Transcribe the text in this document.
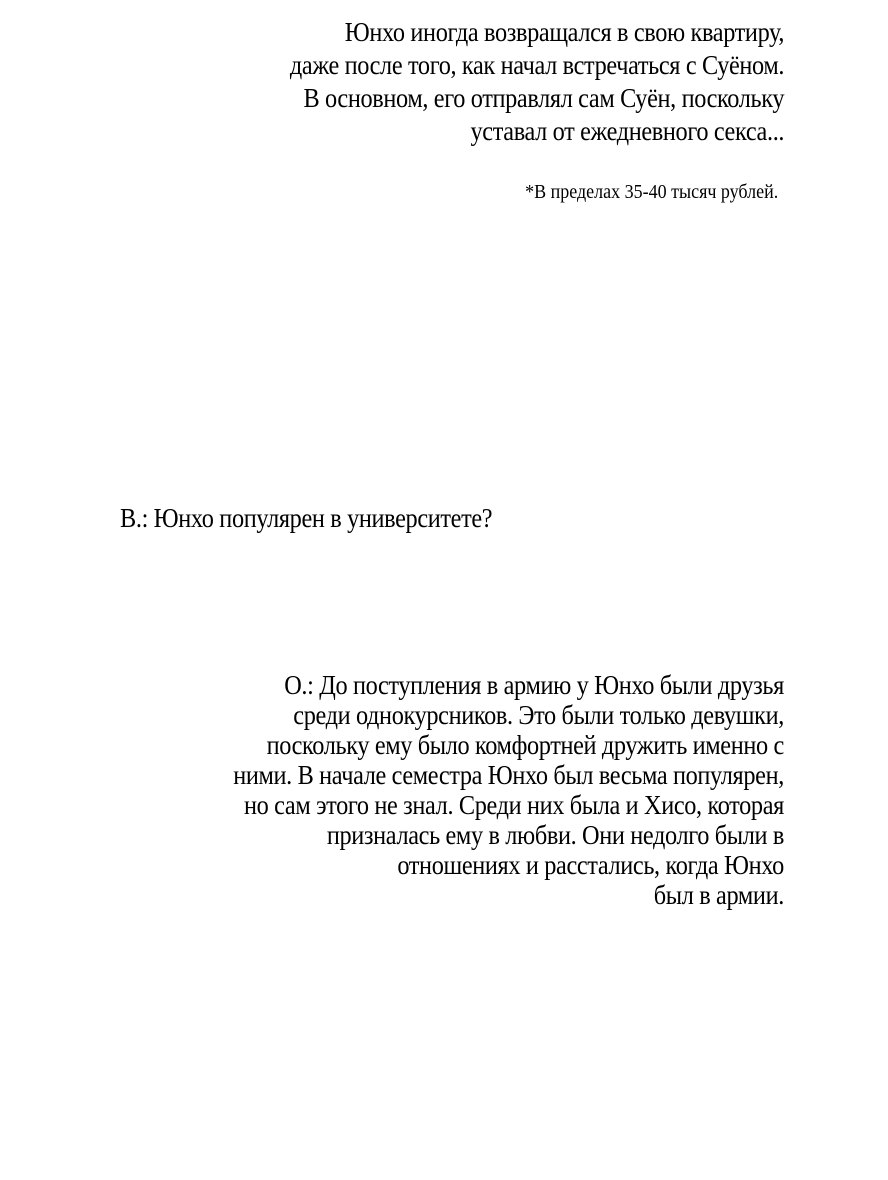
Юнхо иногда возвращался в свою квартиру,
даже после того, как начал встречаться с Суёном.
В основном, его отправлял сам Суён, поскольку
уставал от ежедневного секса...
*В пределах 35-40 тысяч рублей.
В.: Юнхо популярен в университете?
О.: До поступления в армию у Юнхо были друзья
среди однокурсников. Это были только девушки,
поскольку ему было комфортней дружить именно с
ними. В начале семестра Юнхо был весьма популярен,
но сам этого не знал. Среди них была и Хисо, которая
призналась ему в любви. Они недолго были в
отношениях и расстались, когда Юнхо
был в армии.
